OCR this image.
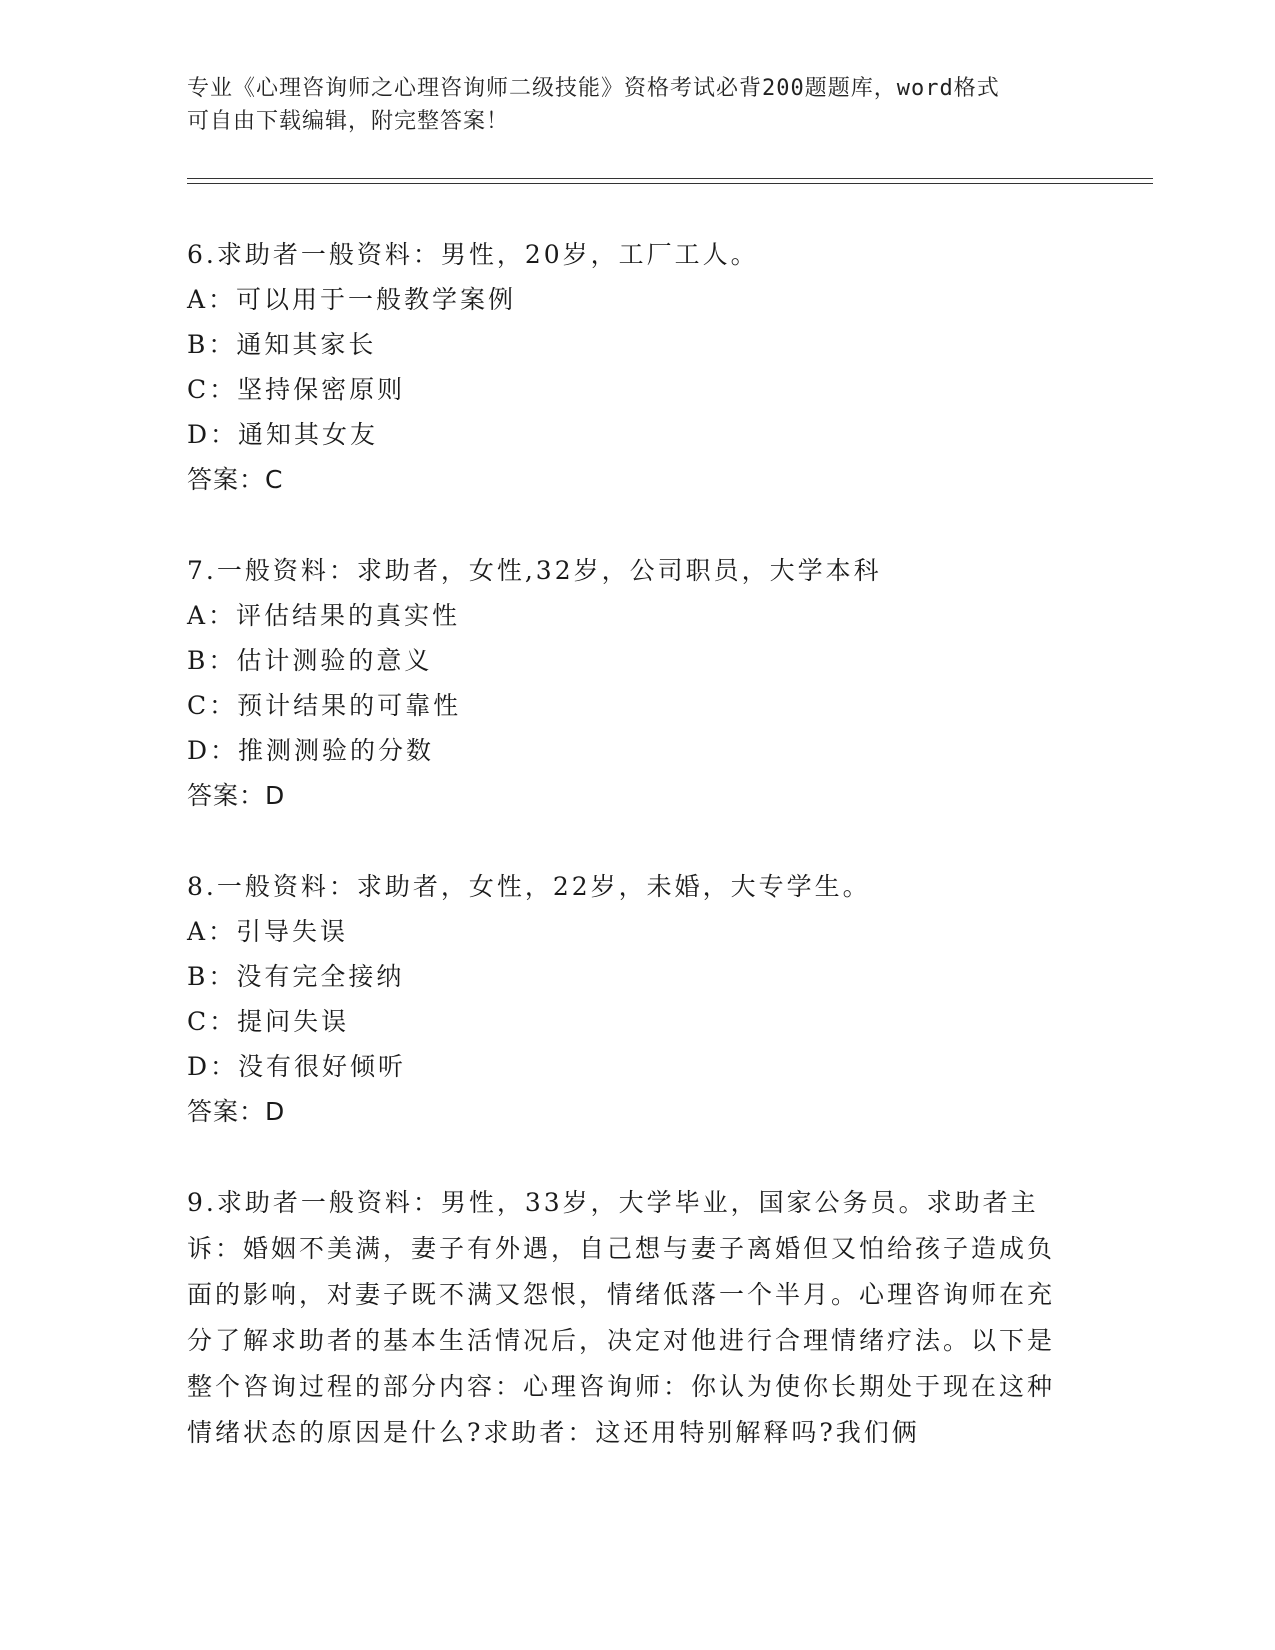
专业《心理咨询师之心理咨询师二级技能》资格考试必背200题题库，word格式
可自由下载编辑，附完整答案！
6.求助者一般资料：男性，20岁，工厂工人。
A：可以用于一般教学案例
B：通知其家长
C：坚持保密原则
D：通知其女友
答案：C
7.一般资料：求助者，女性,32岁，公司职员，大学本科
A：评估结果的真实性
B：估计测验的意义
C：预计结果的可靠性
D：推测测验的分数
答案：D
8.一般资料：求助者，女性，22岁，未婚，大专学生。
A：引导失误
B：没有完全接纳
C：提问失误
D：没有很好倾听
答案：D
9.求助者一般资料：男性，33岁，大学毕业，国家公务员。求助者主诉：婚姻不美满，妻子有外遇，自己想与妻子离婚但又怕给孩子造成负面的影响，对妻子既不满又怨恨，情绪低落一个半月。心理咨询师在充分了解求助者的基本生活情况后，决定对他进行合理情绪疗法。以下是整个咨询过程的部分内容：心理咨询师：你认为使你长期处于现在这种情绪状态的原因是什么?求助者：这还用特别解释吗?我们俩
